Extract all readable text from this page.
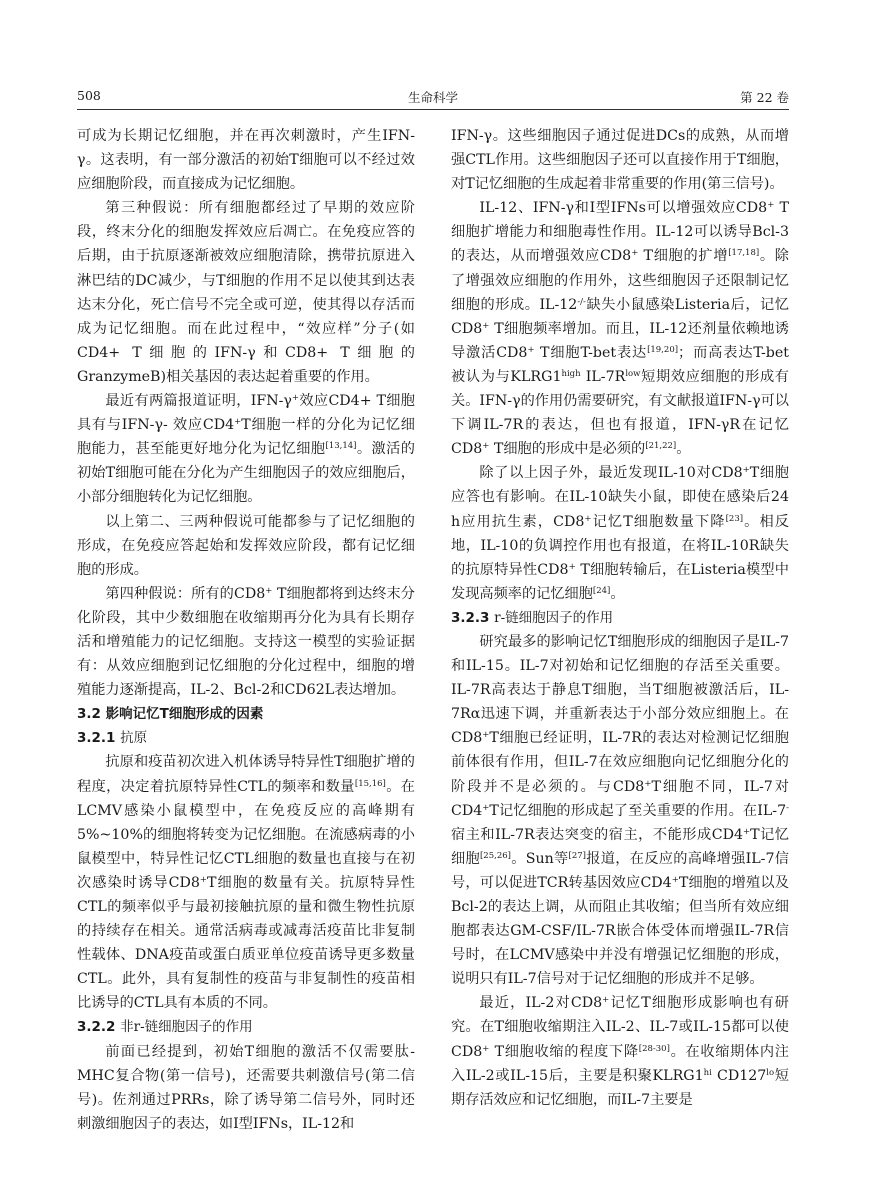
508	生命科学	第 22 卷

可成为长期记忆细胞，并在再次刺激时，产生IFN-γ。这表明，有一部分激活的初始T细胞可以不经过效应细胞阶段，而直接成为记忆细胞。

第三种假说：所有细胞都经过了早期的效应阶段，终末分化的细胞发挥效应后凋亡。在免疫应答的后期，由于抗原逐渐被效应细胞清除，携带抗原进入淋巴结的DC减少，与T细胞的作用不足以使其到达表达末分化，死亡信号不完全或可逆，使其得以存活而成为记忆细胞。而在此过程中，“效应样”分子(如CD4+ T细胞的IFN-γ和CD8+ T细胞的GranzymeB)相关基因的表达起着重要的作用。

最近有两篇报道证明，IFN-γ+效应CD4+ T细胞具有与IFN-γ- 效应CD4+T细胞一样的分化为记忆细胞能力，甚至能更好地分化为记忆细胞[13,14]。激活的初始T细胞可能在分化为产生细胞因子的效应细胞后，小部分细胞转化为记忆细胞。

以上第二、三两种假说可能都参与了记忆细胞的形成，在免疫应答起始和发挥效应阶段，都有记忆细胞的形成。

第四种假说：所有的CD8+ T细胞都将到达终末分化阶段，其中少数细胞在收缩期再分化为具有长期存活和增殖能力的记忆细胞。支持这一模型的实验证据有：从效应细胞到记忆细胞的分化过程中，细胞的增殖能力逐渐提高，IL-2、Bcl-2和CD62L表达增加。

3.2 影响记忆T细胞形成的因素

3.2.1 抗原

抗原和疫苗初次进入机体诱导特异性T细胞扩增的程度，决定着抗原特异性CTL的频率和数量[15,16]。在LCMV感染小鼠模型中，在免疫反应的高峰期有5%~10%的细胞将转变为记忆细胞。在流感病毒的小鼠模型中，特异性记忆CTL细胞的数量也直接与在初次感染时诱导CD8+T细胞的数量有关。抗原特异性CTL的频率似乎与最初接触抗原的量和微生物性抗原的持续存在相关。通常活病毒或减毒活疫苗比非复制性载体、DNA疫苗或蛋白质亚单位疫苗诱导更多数量CTL。此外，具有复制性的疫苗与非复制性的疫苗相比诱导的CTL具有本质的不同。

3.2.2 非r-链细胞因子的作用

前面已经提到，初始T细胞的激活不仅需要肽-MHC复合物(第一信号)，还需要共刺激信号(第二信号)。佐剂通过PRRs，除了诱导第二信号外，同时还刺激细胞因子的表达，如Ⅰ型IFNs，IL-12和

IFN-γ。这些细胞因子通过促进DCs的成熟，从而增强CTL作用。这些细胞因子还可以直接作用于T细胞，对T记忆细胞的生成起着非常重要的作用(第三信号)。

IL-12、IFN-γ和Ⅰ型IFNs可以增强效应CD8+ T细胞扩增能力和细胞毒性作用。IL-12可以诱导Bcl-3的表达，从而增强效应CD8+ T细胞的扩增[17,18]。除了增强效应细胞的作用外，这些细胞因子还限制记忆细胞的形成。IL-12-/-缺失小鼠感染Listeria后，记忆CD8+ T细胞频率增加。而且，IL-12还剂量依赖地诱导激活CD8+ T细胞T-bet表达[19,20]；而高表达T-bet被认为与$KLRG1^{high}$ $IL-7R^{low}$短期效应细胞的形成有关。IFN-γ的作用仍需要研究，有文献报道IFN-γ可以下调IL-7R的表达，但也有报道，IFN-γR在记忆CD8+ T细胞的形成中是必须的[21,22]。

除了以上因子外，最近发现IL-10对CD8+T细胞应答也有影响。在IL-10缺失小鼠，即使在感染后24 h应用抗生素，CD8+记忆T细胞数量下降[23]。相反地，IL-10的负调控作用也有报道，在将IL-10R缺失的抗原特异性CD8+ T细胞转输后，在Listeria模型中发现高频率的记忆细胞[24]。

3.2.3 r-链细胞因子的作用

研究最多的影响记忆T细胞形成的细胞因子是IL-7和IL-15。IL-7对初始和记忆细胞的存活至关重要。IL-7R高表达于静息T细胞，当T细胞被激活后，IL-7Rα迅速下调，并重新表达于小部分效应细胞上。在CD8+T细胞已经证明，IL-7R的表达对检测记忆细胞前体很有作用，但IL-7在效应细胞向记忆细胞分化的阶段并不是必须的。与CD8+T细胞不同，IL-7对CD4+T记忆细胞的形成起了至关重要的作用。在IL-7-宿主和IL-7R表达突变的宿主，不能形成CD4+T记忆细胞[25,26]。Sun等[27]报道，在反应的高峰增强IL-7信号，可以促进TCR转基因效应CD4+T细胞的增殖以及Bcl-2的表达上调，从而阻止其收缩；但当所有效应细胞都表达GM-CSF/IL-7R嵌合体受体而增强IL-7R信号时，在LCMV感染中并没有增强记忆细胞的形成，说明只有IL-7信号对于记忆细胞的形成并不足够。

最近，IL-2对CD8+记忆T细胞形成影响也有研究。在T细胞收缩期注入IL-2、IL-7或IL-15都可以使CD8+ T细胞收缩的程度下降[28-30]。在收缩期体内注入IL-2或IL-15后，主要是积聚$KLRG1^{hi}$ $CD127^{lo}$短期存活效应和记忆细胞，而IL-7主要是
